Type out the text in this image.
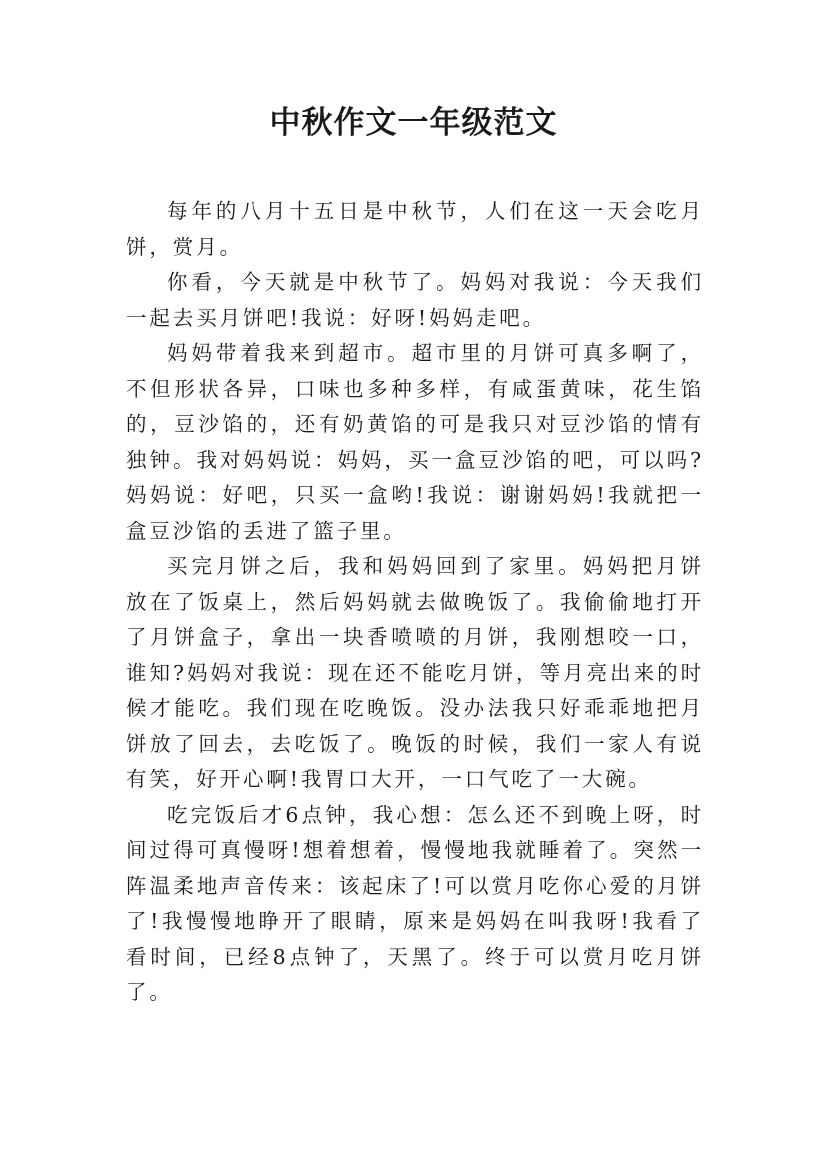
中秋作文一年级范文

每年的八月十五日是中秋节，人们在这一天会吃月饼，赏月。

你看，今天就是中秋节了。妈妈对我说：今天我们一起去买月饼吧!我说：好呀!妈妈走吧。

妈妈带着我来到超市。超市里的月饼可真多啊了，不但形状各异，口味也多种多样，有咸蛋黄味，花生馅的，豆沙馅的，还有奶黄馅的可是我只对豆沙馅的情有独钟。我对妈妈说：妈妈，买一盒豆沙馅的吧，可以吗?妈妈说：好吧，只买一盒哟!我说：谢谢妈妈!我就把一盒豆沙馅的丢进了篮子里。

买完月饼之后，我和妈妈回到了家里。妈妈把月饼放在了饭桌上，然后妈妈就去做晚饭了。我偷偷地打开了月饼盒子，拿出一块香喷喷的月饼，我刚想咬一口，谁知?妈妈对我说：现在还不能吃月饼，等月亮出来的时候才能吃。我们现在吃晚饭。没办法我只好乖乖地把月饼放了回去，去吃饭了。晚饭的时候，我们一家人有说有笑，好开心啊!我胃口大开，一口气吃了一大碗。

吃完饭后才6点钟，我心想：怎么还不到晚上呀，时间过得可真慢呀!想着想着，慢慢地我就睡着了。突然一阵温柔地声音传来：该起床了!可以赏月吃你心爱的月饼了!我慢慢地睁开了眼睛，原来是妈妈在叫我呀!我看了看时间，已经8点钟了，天黑了。终于可以赏月吃月饼了。
